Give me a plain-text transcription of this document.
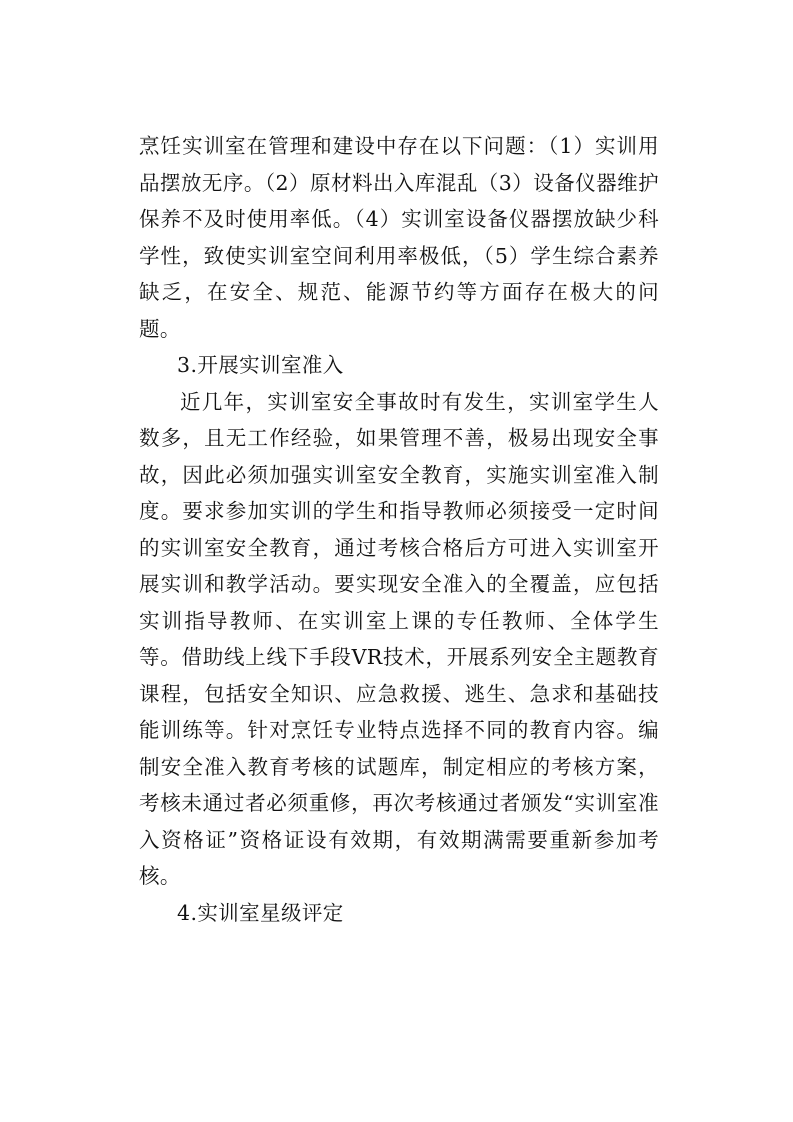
烹饪实训室在管理和建设中存在以下问题：（1）实训用品摆放无序。（2）原材料出入库混乱（3）设备仪器维护保养不及时使用率低。（4）实训室设备仪器摆放缺少科学性，致使实训室空间利用率极低，（5）学生综合素养缺乏，在安全、规范、能源节约等方面存在极大的问题。

3.开展实训室准入

近几年，实训室安全事故时有发生，实训室学生人数多，且无工作经验，如果管理不善，极易出现安全事故，因此必须加强实训室安全教育，实施实训室准入制度。要求参加实训的学生和指导教师必须接受一定时间的实训室安全教育，通过考核合格后方可进入实训室开展实训和教学活动。要实现安全准入的全覆盖，应包括实训指导教师、在实训室上课的专任教师、全体学生等。借助线上线下手段VR技术，开展系列安全主题教育课程，包括安全知识、应急救援、逃生、急求和基础技能训练等。针对烹饪专业特点选择不同的教育内容。编制安全准入教育考核的试题库，制定相应的考核方案，考核未通过者必须重修，再次考核通过者颁发“实训室准入资格证”资格证设有效期，有效期满需要重新参加考核。

4.实训室星级评定
